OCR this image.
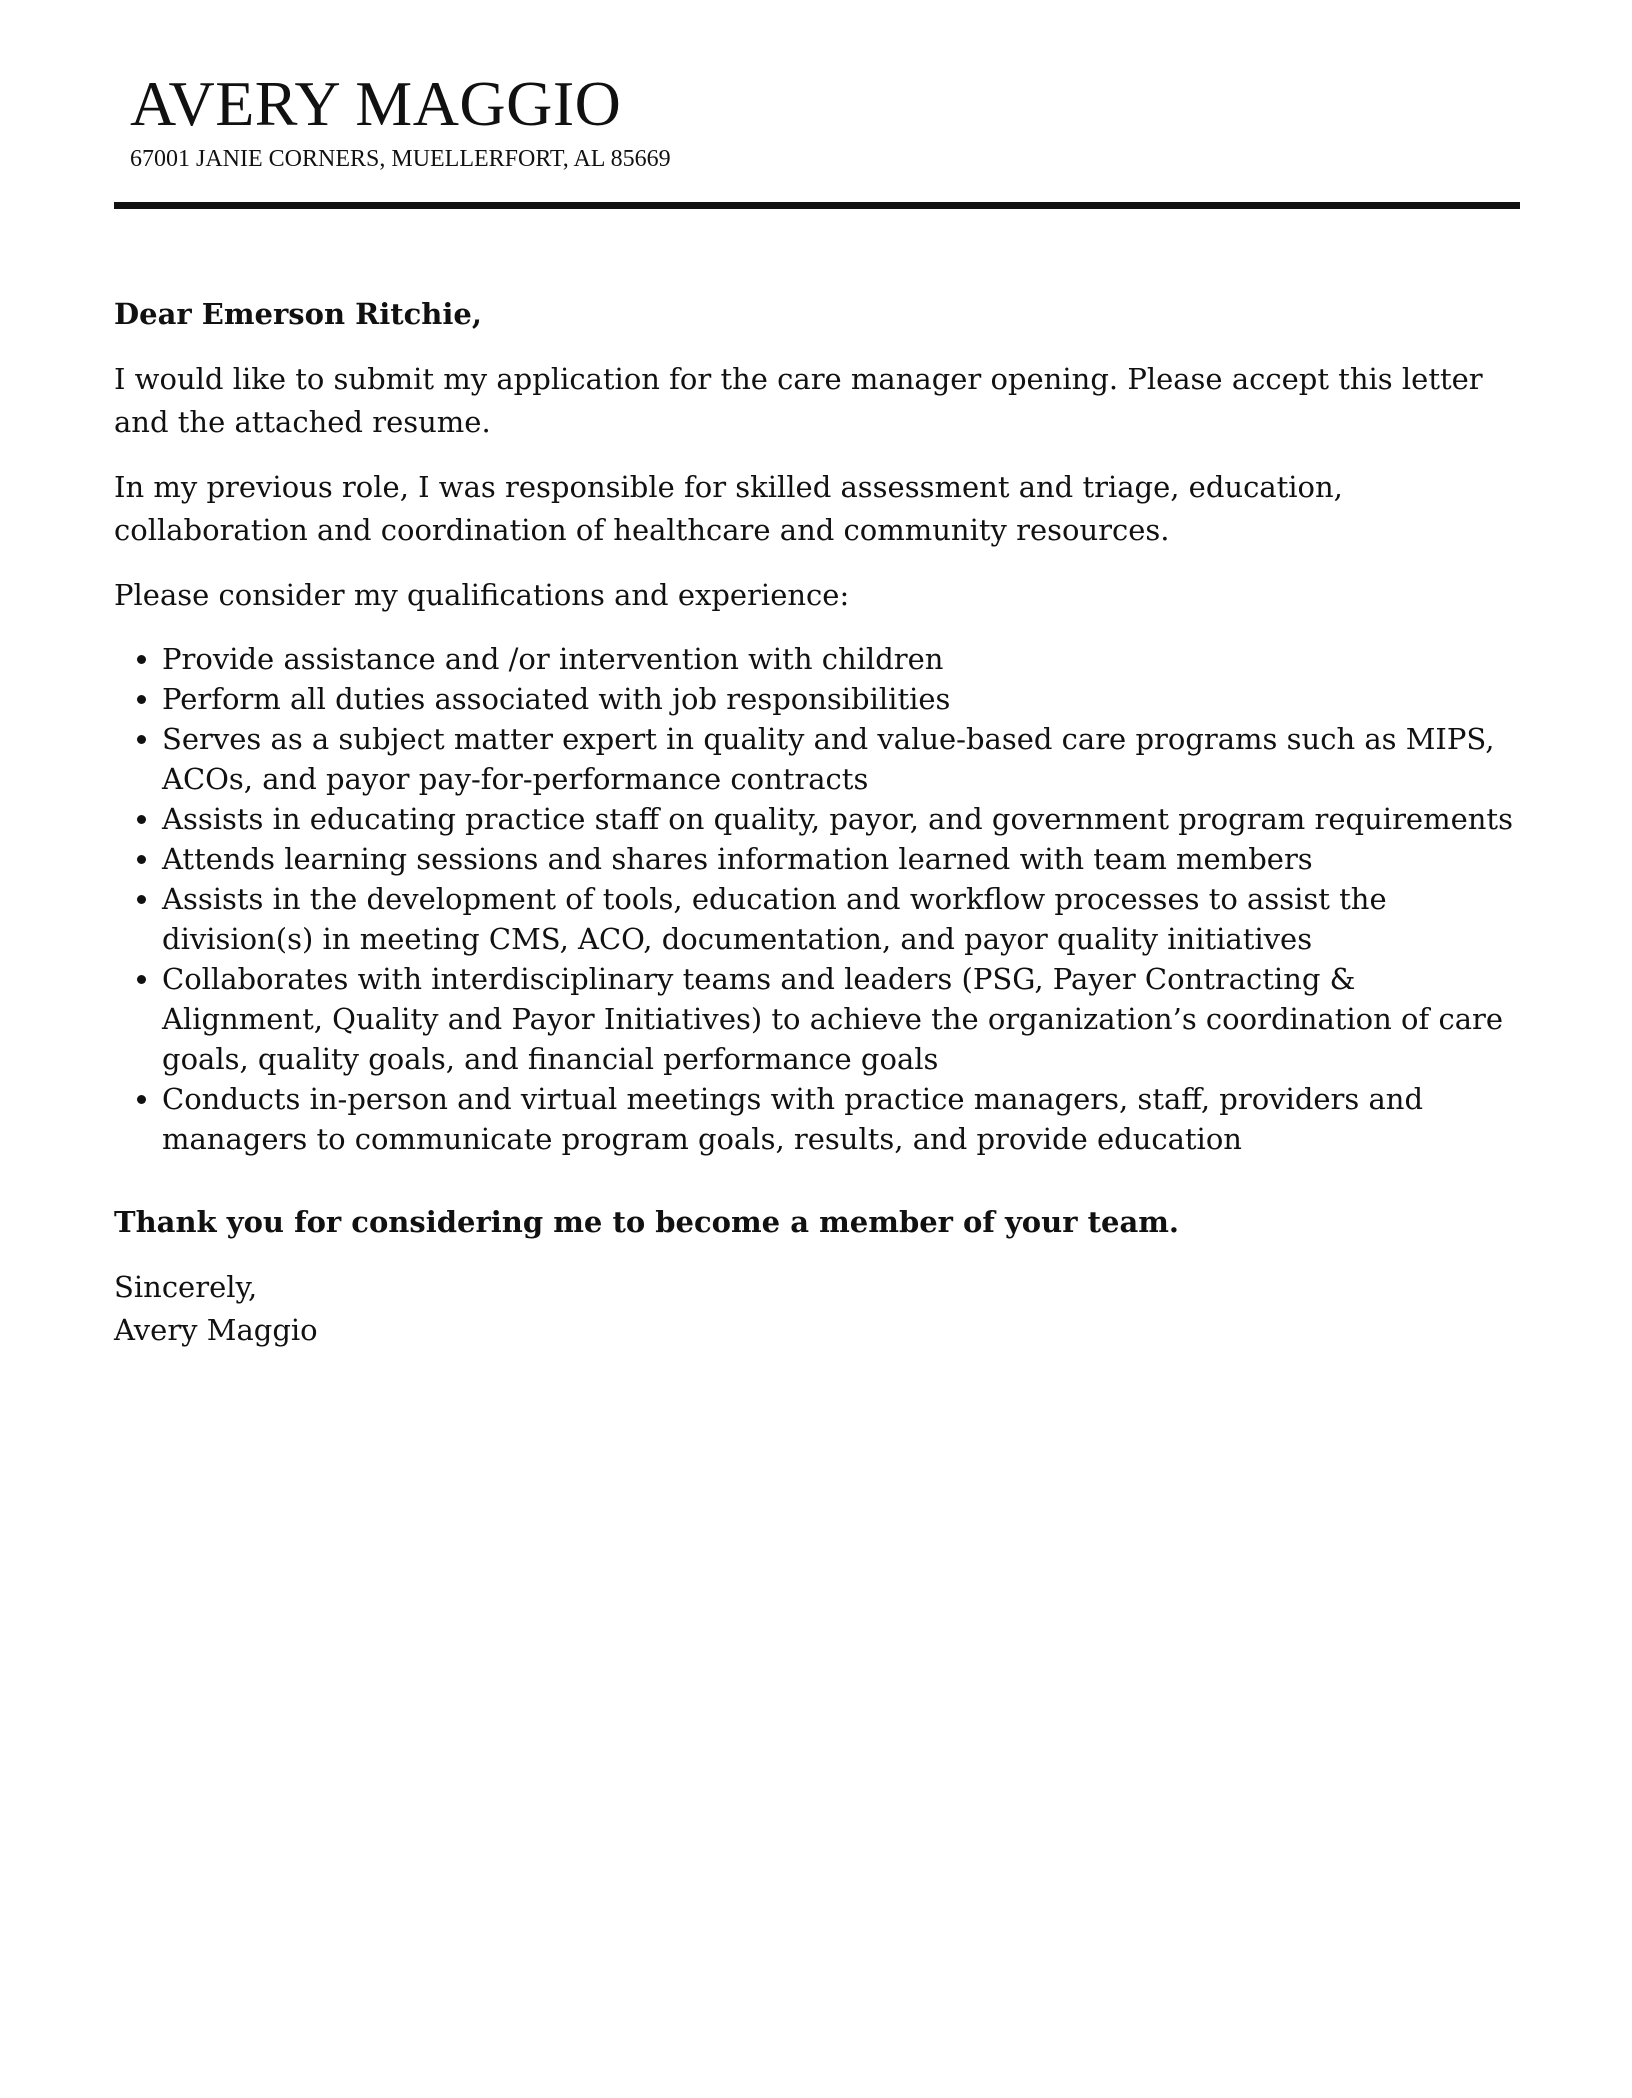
AVERY MAGGIO
67001 JANIE CORNERS, MUELLERFORT, AL 85669

Dear Emerson Ritchie,

I would like to submit my application for the care manager opening. Please accept this letter and the attached resume.

In my previous role, I was responsible for skilled assessment and triage, education, collaboration and coordination of healthcare and community resources.

Please consider my qualifications and experience:

• Provide assistance and /or intervention with children
• Perform all duties associated with job responsibilities
• Serves as a subject matter expert in quality and value-based care programs such as MIPS, ACOs, and payor pay-for-performance contracts
• Assists in educating practice staff on quality, payor, and government program requirements
• Attends learning sessions and shares information learned with team members
• Assists in the development of tools, education and workflow processes to assist the division(s) in meeting CMS, ACO, documentation, and payor quality initiatives
• Collaborates with interdisciplinary teams and leaders (PSG, Payer Contracting & Alignment, Quality and Payor Initiatives) to achieve the organization’s coordination of care goals, quality goals, and financial performance goals
• Conducts in-person and virtual meetings with practice managers, staff, providers and managers to communicate program goals, results, and provide education

Thank you for considering me to become a member of your team.

Sincerely,

Avery Maggio
